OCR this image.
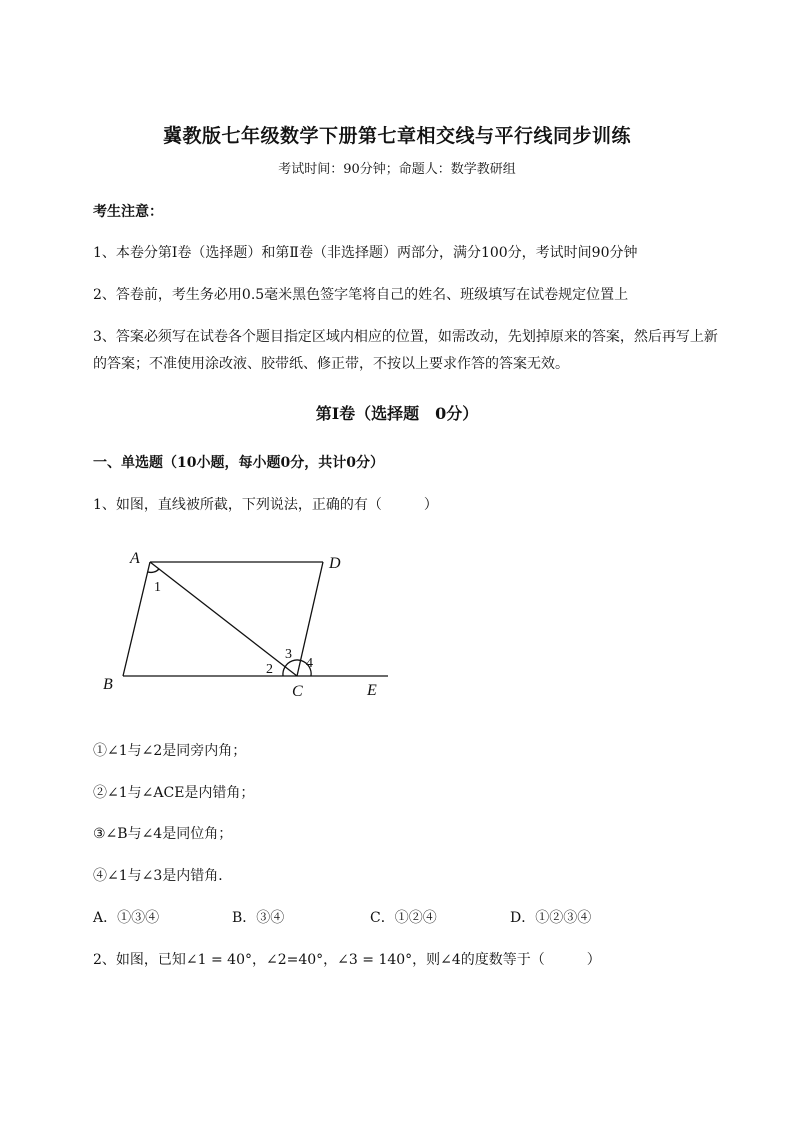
冀教版七年级数学下册第七章相交线与平行线同步训练
考试时间：90分钟；命题人：数学教研组
考生注意：
1、本卷分第I卷（选择题）和第Ⅱ卷（非选择题）两部分，满分100分，考试时间90分钟
2、答卷前，考生务必用0.5毫米黑色签字笔将自己的姓名、班级填写在试卷规定位置上
3、答案必须写在试卷各个题目指定区域内相应的位置，如需改动，先划掉原来的答案，然后再写上新
的答案；不准使用涂改液、胶带纸、修正带，不按以上要求作答的答案无效。
第I卷（选择题　0分）
一、单选题（10小题，每小题0分，共计0分）
1、如图，直线被所截，下列说法，正确的有（　　　）
A	D
B	C	E
1
2
3
4
①∠1与∠2是同旁内角；
②∠1与∠ACE是内错角；
③∠B与∠4是同位角；
④∠1与∠3是内错角．
A．①③④	B．③④	C．①②④	D．①②③④
2、如图，已知∠1 = 40°，∠2=40°，∠3 = 140°，则∠4的度数等于（　　　）
